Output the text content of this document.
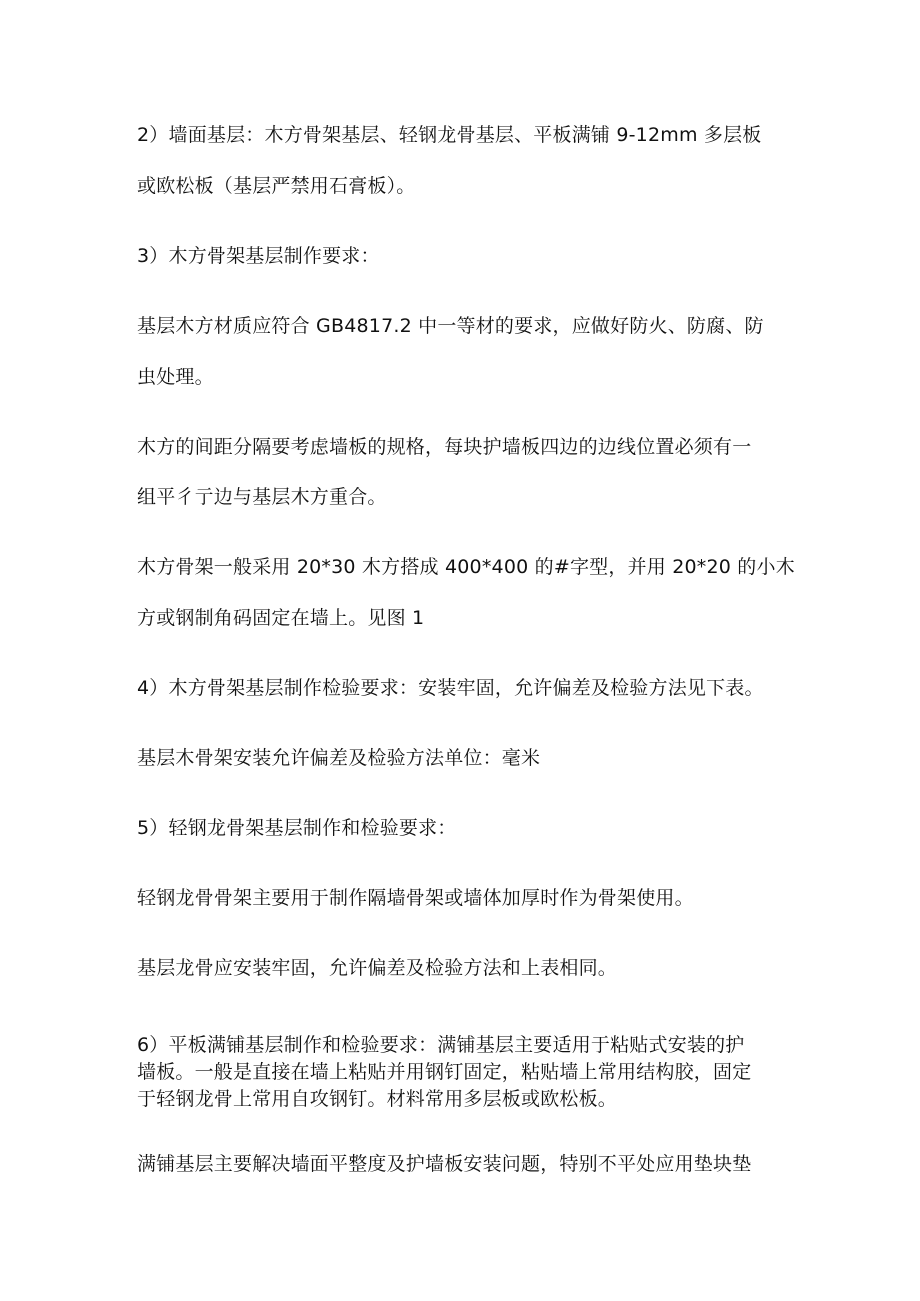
2）墙面基层：木方骨架基层、轻钢龙骨基层、平板满铺 9-12mm 多层板
或欧松板（基层严禁用石膏板）。
3）木方骨架基层制作要求：
基层木方材质应符合 GB4817.2 中一等材的要求，应做好防火、防腐、防
虫处理。
木方的间距分隔要考虑墙板的规格，每块护墙板四边的边线位置必须有一
组平彳亍边与基层木方重合。
木方骨架一般采用 20*30 木方搭成 400*400 的#字型，并用 20*20 的小木
方或钢制角码固定在墙上。见图 1
4）木方骨架基层制作检验要求：安装牢固，允许偏差及检验方法见下表。
基层木骨架安装允许偏差及检验方法单位：毫米
5）轻钢龙骨架基层制作和检验要求：
轻钢龙骨骨架主要用于制作隔墙骨架或墙体加厚时作为骨架使用。
基层龙骨应安装牢固，允许偏差及检验方法和上表相同。
6）平板满铺基层制作和检验要求：满铺基层主要适用于粘贴式安装的护
墙板。一般是直接在墙上粘贴并用钢钉固定，粘贴墙上常用结构胶，固定
于轻钢龙骨上常用自攻钢钉。材料常用多层板或欧松板。
满铺基层主要解决墙面平整度及护墙板安装问题，特别不平处应用垫块垫
